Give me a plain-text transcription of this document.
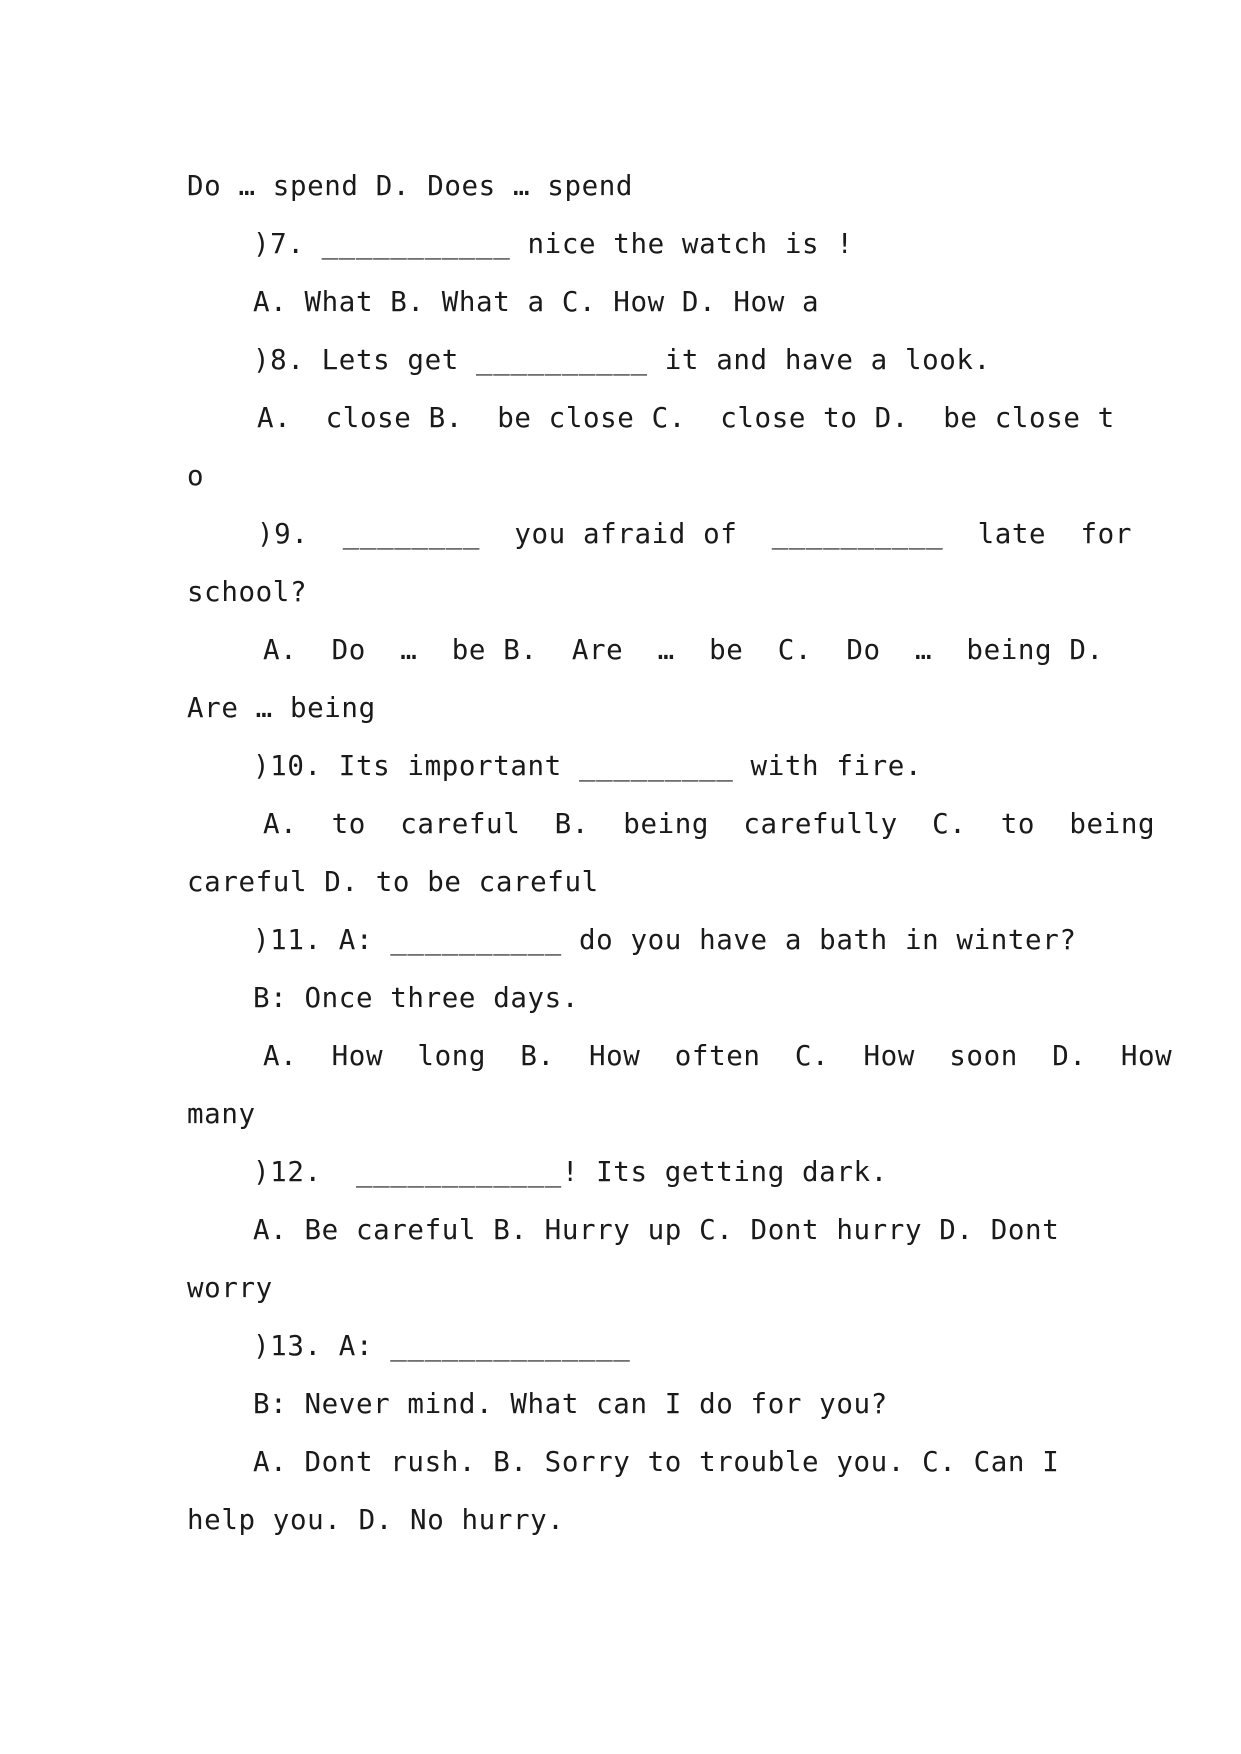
Do … spend D. Does … spend

)7. ___________ nice the watch is !

A. What B. What a C. How D. How a

)8. Lets get __________ it and have a look.

A.  close B.  be close C.  close to D.  be close t

o

)9.  ________  you afraid of  __________  late  for

school?

A.  Do  …  be B.  Are  …  be  C.  Do  …  being D.

Are … being

)10. Its important _________ with fire.

A.  to  careful  B.  being  carefully  C.  to  being

careful D. to be careful

)11. A: __________ do you have a bath in winter?

B: Once three days.

A.  How  long  B.  How  often  C.  How  soon  D.  How

many

)12.  ____________! Its getting dark.

A. Be careful B. Hurry up C. Dont hurry D. Dont

worry

)13. A: ______________

B: Never mind. What can I do for you?

A. Dont rush. B. Sorry to trouble you. C. Can I

help you. D. No hurry.
